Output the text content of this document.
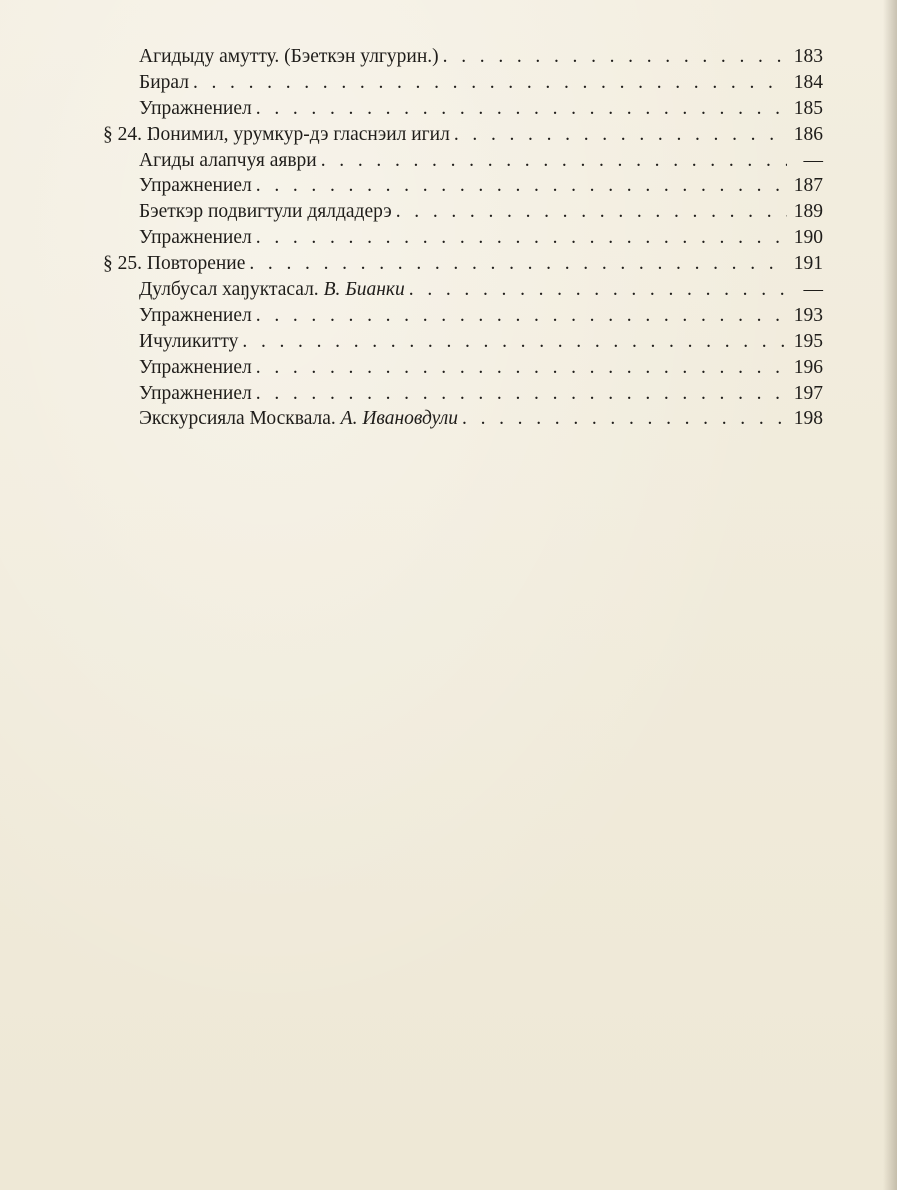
Агидыду амутту. (Бэеткэн улгурин.) . . .	183
Бирал . . .	184
Упражнениел . . .	185
§ 24. Ŋонимил, урумкур-дэ гласнэил игил . . .	186
Агиды алапчуя аяври . . .	—
Упражнениел . . .	187
Бэеткэр подвигтули дялдадерэ . . .	189
Упражнениел . . .	190
§ 25. Повторение . . .	191
Дулбусал хаŋуктасал. В. Бианки . . .	—
Упражнениел . . .	193
Ичуликитту . . .	195
Упражнениел . . .	196
Упражнениел . . .	197
Экскурсияла Москвала. А. Ивановдули . . .	198
